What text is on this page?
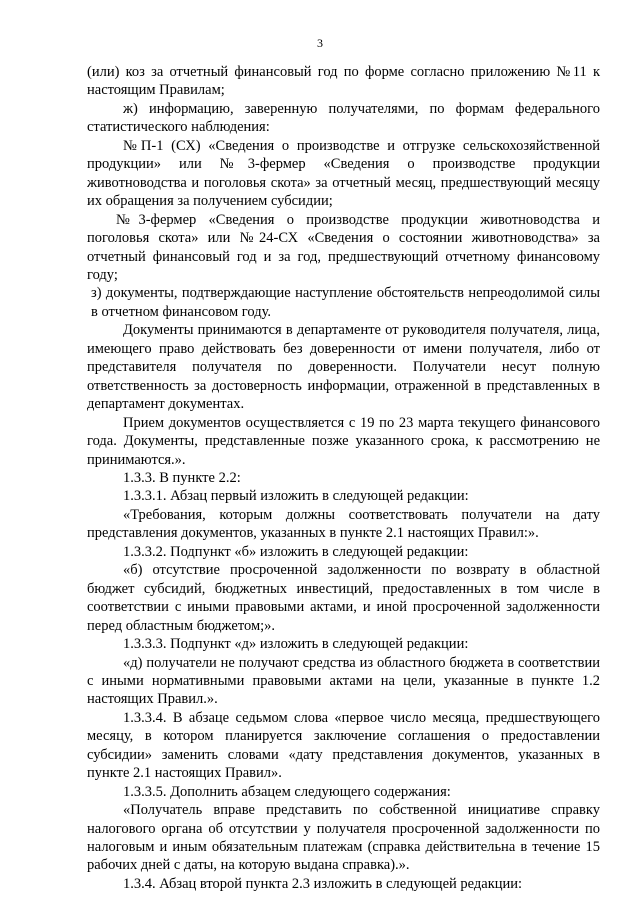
3

(или) коз за отчетный финансовый год по форме согласно приложению №11 к настоящим Правилам;

ж) информацию, заверенную получателями, по формам федерального статистического наблюдения:

№П-1 (СХ) «Сведения о производстве и отгрузке сельскохозяйственной продукции» или №3-фермер «Сведения о производстве продукции животноводства и поголовья скота» за отчетный месяц, предшествующий месяцу их обращения за получением субсидии;

№3-фермер «Сведения о производстве продукции животноводства и поголовья скота» или №24-СХ «Сведения о состоянии животноводства» за отчетный финансовый год и за год, предшествующий отчетному финансовому году;

з) документы, подтверждающие наступление обстоятельств непреодолимой силы в отчетном финансовом году.

Документы принимаются в департаменте от руководителя получателя, лица, имеющего право действовать без доверенности от имени получателя, либо от представителя получателя по доверенности. Получатели несут полную ответственность за достоверность информации, отраженной в представленных в департамент документах.

Прием документов осуществляется с 19 по 23 марта текущего финансового года. Документы, представленные позже указанного срока, к рассмотрению не принимаются.».

1.3.3. В пункте 2.2:

1.3.3.1. Абзац первый изложить в следующей редакции:

«Требования, которым должны соответствовать получатели на дату представления документов, указанных в пункте 2.1 настоящих Правил:».

1.3.3.2. Подпункт «б» изложить в следующей редакции:

«б) отсутствие просроченной задолженности по возврату в областной бюджет субсидий, бюджетных инвестиций, предоставленных в том числе в соответствии с иными правовыми актами, и иной просроченной задолженности перед областным бюджетом;».

1.3.3.3. Подпункт «д» изложить в следующей редакции:

«д) получатели не получают средства из областного бюджета в соответствии с иными нормативными правовыми актами на цели, указанные в пункте 1.2 настоящих Правил.».

1.3.3.4. В абзаце седьмом слова «первое число месяца, предшествующего месяцу, в котором планируется заключение соглашения о предоставлении субсидии» заменить словами «дату представления документов, указанных в пункте 2.1 настоящих Правил».

1.3.3.5. Дополнить абзацем следующего содержания:

«Получатель вправе представить по собственной инициативе справку налогового органа об отсутствии у получателя просроченной задолженности по налоговым и иным обязательным платежам (справка действительна в течение 15 рабочих дней с даты, на которую выдана справка).».

1.3.4. Абзац второй пункта 2.3 изложить в следующей редакции:
